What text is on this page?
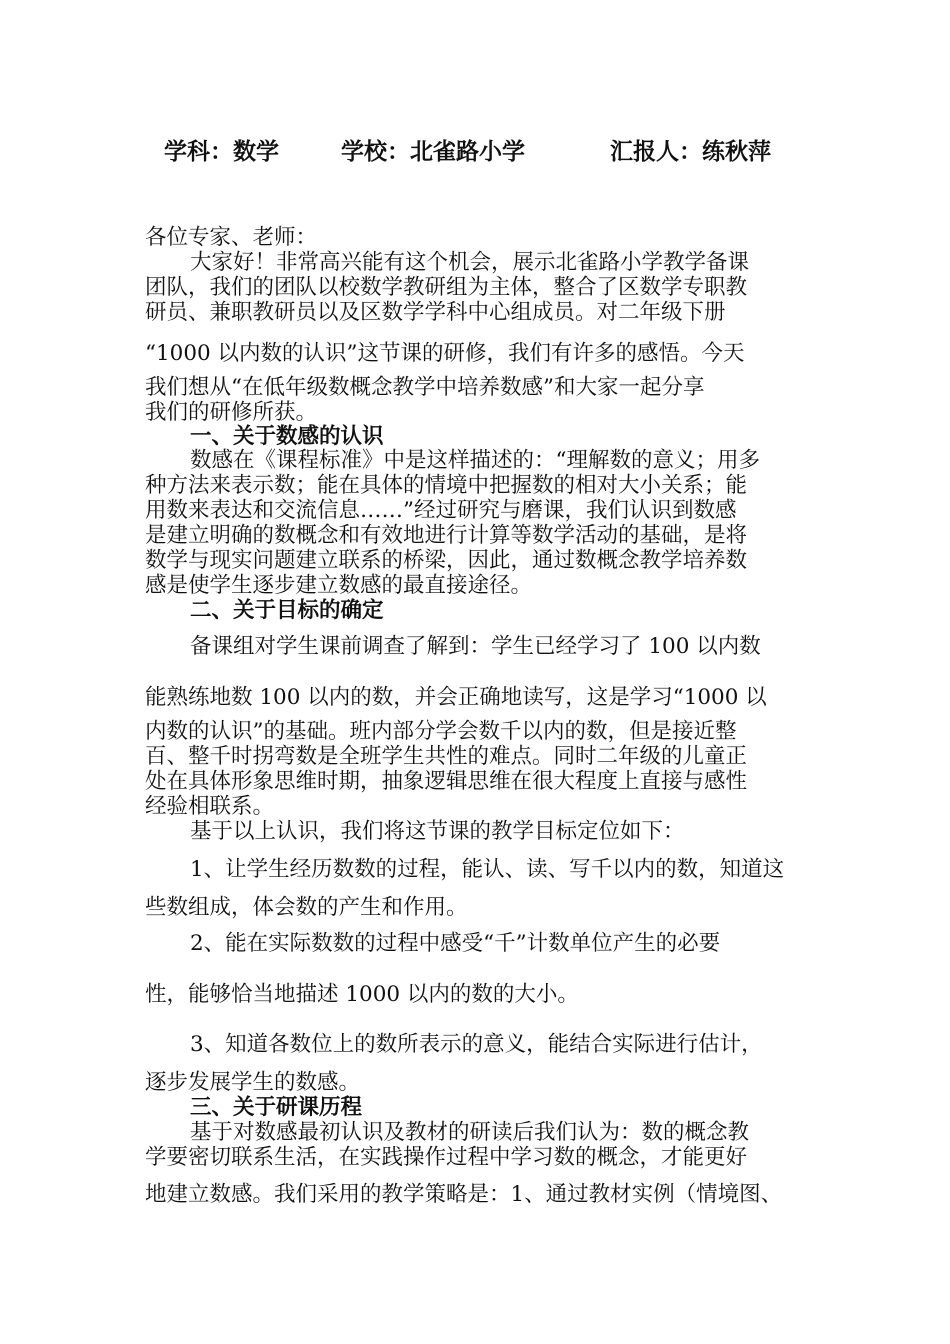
学科：数学	学校：北雀路小学	汇报人：练秋萍
各位专家、老师：
大家好！非常高兴能有这个机会，展示北雀路小学教学备课
团队，我们的团队以校数学教研组为主体，整合了区数学专职教
研员、兼职教研员以及区数学学科中心组成员。对二年级下册
“1000 以内数的认识”这节课的研修，我们有许多的感悟。今天
我们想从“在低年级数概念教学中培养数感”和大家一起分享
我们的研修所获。
一、关于数感的认识
数感在《课程标准》中是这样描述的：“理解数的意义；用多
种方法来表示数；能在具体的情境中把握数的相对大小关系；能
用数来表达和交流信息……”经过研究与磨课，我们认识到数感
是建立明确的数概念和有效地进行计算等数学活动的基础，是将
数学与现实问题建立联系的桥梁，因此，通过数概念教学培养数
感是使学生逐步建立数感的最直接途径。
二、关于目标的确定
备课组对学生课前调查了解到：学生已经学习了 100 以内数
能熟练地数 100 以内的数，并会正确地读写，这是学习“1000 以
内数的认识”的基础。班内部分学会数千以内的数，但是接近整
百、整千时拐弯数是全班学生共性的难点。同时二年级的儿童正
处在具体形象思维时期，抽象逻辑思维在很大程度上直接与感性
经验相联系。
基于以上认识，我们将这节课的教学目标定位如下：
1、让学生经历数数的过程，能认、读、写千以内的数，知道这
些数组成，体会数的产生和作用。
2、能在实际数数的过程中感受“千”计数单位产生的必要
性，能够恰当地描述 1000 以内的数的大小。
3、知道各数位上的数所表示的意义，能结合实际进行估计，
逐步发展学生的数感。
三、关于研课历程
基于对数感最初认识及教材的研读后我们认为：数的概念教
学要密切联系生活，在实践操作过程中学习数的概念，才能更好
地建立数感。我们采用的教学策略是：1、通过教材实例（情境图、
